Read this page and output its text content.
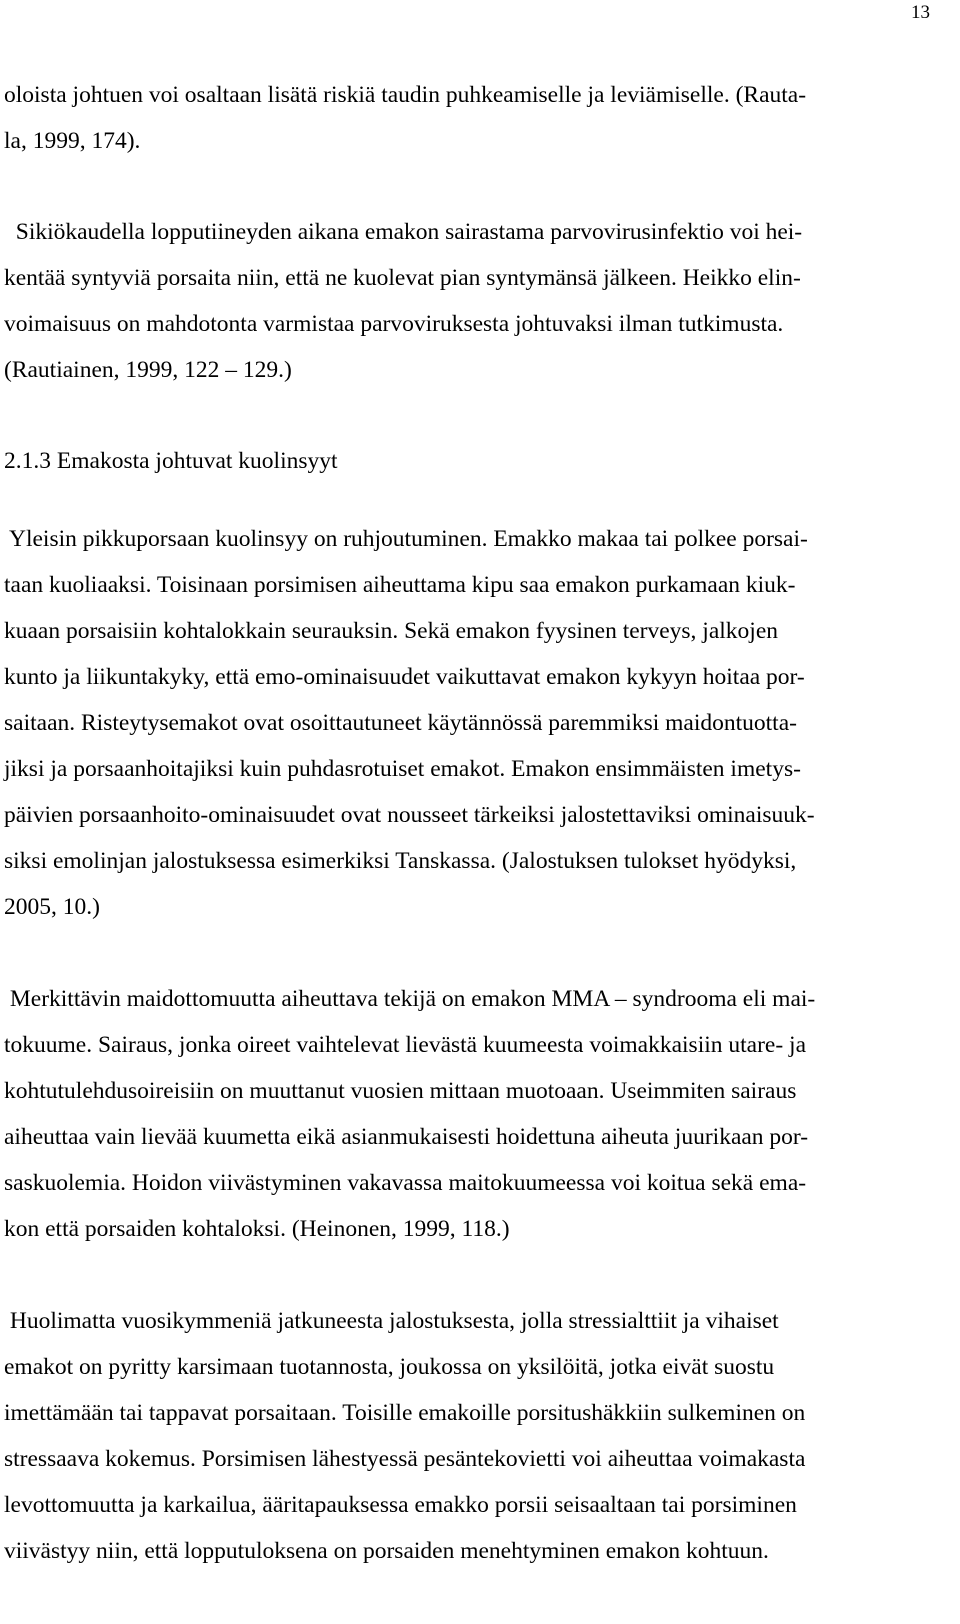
13
oloista johtuen voi osaltaan lisätä riskiä taudin puhkeamiselle ja leviämiselle. (Rauta-
la, 1999, 174).
Sikiökaudella lopputiineyden aikana emakon sairastama parvovirusinfektio voi hei-
kentää syntyviä porsaita niin, että ne kuolevat pian syntymänsä jälkeen. Heikko elin-
voimaisuus on mahdotonta varmistaa parvoviruksesta johtuvaksi ilman tutkimusta.
(Rautiainen, 1999, 122 – 129.)
2.1.3 Emakosta johtuvat kuolinsyyt
Yleisin pikkuporsaan kuolinsyy on ruhjoutuminen. Emakko makaa tai polkee porsai-
taan kuoliaaksi. Toisinaan porsimisen aiheuttama kipu saa emakon purkamaan kiuk-
kuaan porsaisiin kohtalokkain seurauksin. Sekä emakon fyysinen terveys, jalkojen
kunto ja liikuntakyky, että emo-ominaisuudet vaikuttavat emakon kykyyn hoitaa por-
saitaan. Risteytysemakot ovat osoittautuneet käytännössä paremmiksi maidontuotta-
jiksi ja porsaanhoitajiksi kuin puhdasrotuiset emakot. Emakon ensimmäisten imetys-
päivien porsaanhoito-ominaisuudet ovat nousseet tärkeiksi jalostettaviksi ominaisuuk-
siksi emolinjan jalostuksessa esimerkiksi Tanskassa. (Jalostuksen tulokset hyödyksi,
2005, 10.)
Merkittävin maidottomuutta aiheuttava tekijä on emakon MMA – syndrooma eli mai-
tokuume. Sairaus, jonka oireet vaihtelevat lievästä kuumeesta voimakkaisiin utare- ja
kohtutulehdusoireisiin on muuttanut vuosien mittaan muotoaan. Useimmiten sairaus
aiheuttaa vain lievää kuumetta eikä asianmukaisesti hoidettuna aiheuta juurikaan por-
saskuolemia. Hoidon viivästyminen vakavassa maitokuumeessa voi koitua sekä ema-
kon että porsaiden kohtaloksi. (Heinonen, 1999, 118.)
Huolimatta vuosikymmeniä jatkuneesta jalostuksesta, jolla stressialttiit ja vihaiset
emakot on pyritty karsimaan tuotannosta, joukossa on yksilöitä, jotka eivät suostu
imettämään tai tappavat porsaitaan. Toisille emakoille porsitushäkkiin sulkeminen on
stressaava kokemus. Porsimisen lähestyessä pesäntekovietti voi aiheuttaa voimakasta
levottomuutta ja karkailua, ääritapauksessa emakko porsii seisaaltaan tai porsiminen
viivästyy niin, että lopputuloksena on porsaiden menehtyminen emakon kohtuun.
